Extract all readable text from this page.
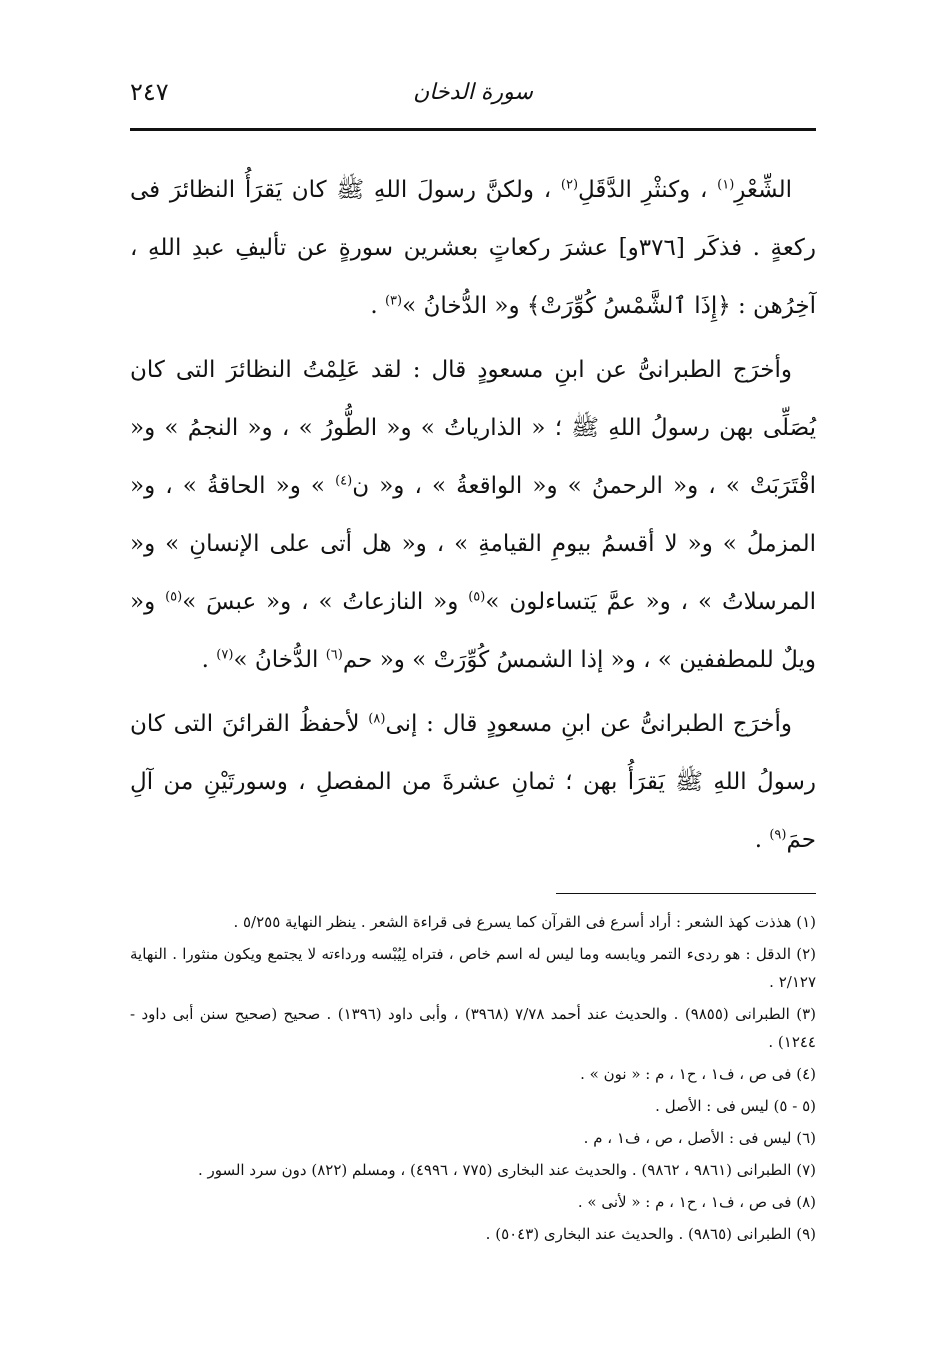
سورة الدخان
٢٤٧

الشِّعْرِ$^{(١)}$ ، وكنثْرِ الدَّقَلِ$^{(٢)}$ ، ولكنَّ رسولَ اللهِ ﷺ كان يَقرَأُ النظائرَ فى ركعةٍ . فذكَر [٣٧٦و] عشرَ ركعاتٍ بعشرين سورةٍ عن تأليفِ عبدِ اللهِ ، آخِرُهن : ﴿إِذَا ٱلشَّمْسُ كُوِّرَتْ﴾ و« الدُّخانُ »$^{(٣)}$ .

وأخرَج الطبرانىُّ عن ابنِ مسعودٍ قال : لقد عَلِمْتُ النظائرَ التى كان يُصَلِّى بهن رسولُ اللهِ ﷺ ؛ « الذارياتُ » و« الطُّورُ » ، و« النجمُ » و« اقْتَرَبَتْ » ، و« الرحمنُ » و« الواقعةُ » ، و« ن$^{(٤)}$ » و« الحاقةُ » ، و« المزملُ » و« لا أقسمُ بيومِ القيامةِ » ، و« هل أتى على الإنسانِ » و« المرسلاتُ » ، و« عمَّ يَتساءلون »$^{(٥)}$ و« النازعاتُ » ، و« عبسَ »$^{(٥)}$ و« ويلٌ للمطففين » ، و« إذا الشمسُ كُوِّرَتْ » و« حم$^{(٦)}$ الدُّخانُ »$^{(٧)}$ .

وأخرَج الطبرانىُّ عن ابنِ مسعودٍ قال : إنى$^{(٨)}$ لأحفظُ القرائنَ التى كان رسولُ اللهِ ﷺ يَقرَأُ بهن ؛ ثمانِ عشرةَ من المفصلِ ، وسورتَيْنِ من آلِ حمَ$^{(٩)}$ .

(١) هذذت كهذ الشعر : أراد أسرع فى القرآن كما يسرع فى قراءة الشعر . ينظر النهاية ٥/٢٥٥ .
(٢) الدقل : هو ردىء التمر ويابسه وما ليس له اسم خاص ، فتراه لِيُبْسه ورداءته لا يجتمع ويكون منثورا . النهاية ٢/١٢٧ .
(٣) الطبرانى (٩٨٥٥) . والحديث عند أحمد ٧/٧٨ (٣٩٦٨) ، وأبى داود (١٣٩٦) . صحيح (صحيح سنن أبى داود - ١٢٤٤) .
(٤) فى ص ، ف١ ، ح١ ، م : « نون » .
(٥ - ٥) ليس فى : الأصل .
(٦) ليس فى : الأصل ، ص ، ف١ ، م .
(٧) الطبرانى (٩٨٦١ ، ٩٨٦٢) . والحديث عند البخارى (٧٧٥ ، ٤٩٩٦) ، ومسلم (٨٢٢) دون سرد السور .
(٨) فى ص ، ف١ ، ح١ ، م : « لأنى » .
(٩) الطبرانى (٩٨٦٥) . والحديث عند البخارى (٥٠٤٣) .
